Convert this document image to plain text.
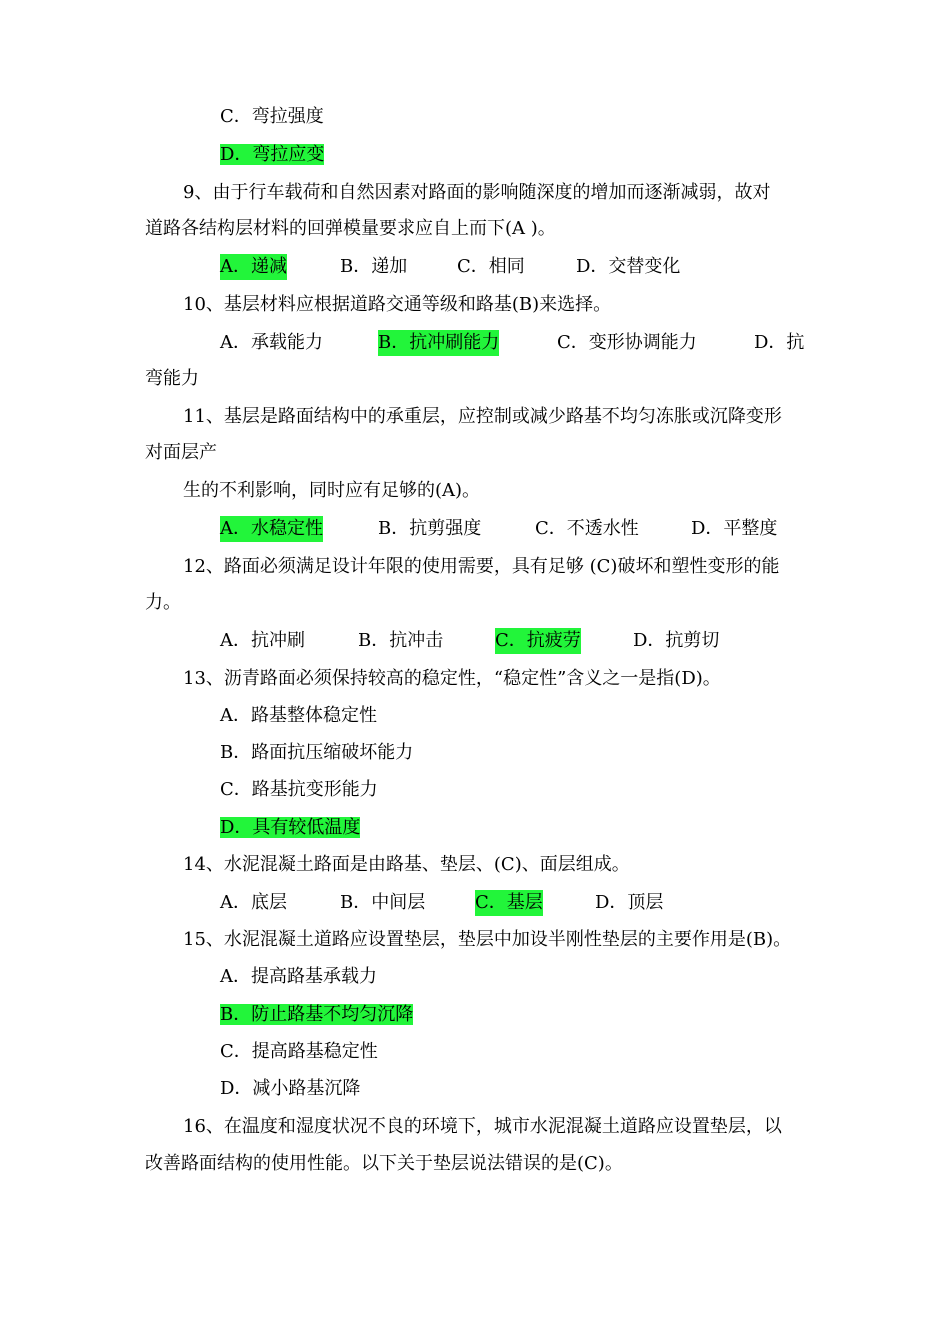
C．弯拉强度
D．弯拉应变
9、由于行车载荷和自然因素对路面的影响随深度的增加而逐渐减弱，故对
道路各结构层材料的回弹模量要求应自上而下(A )。
A．递减	B．递加	C．相同	D．交替变化
10、基层材料应根据道路交通等级和路基(B)来选择。
A．承载能力	B．抗冲刷能力	C．变形协调能力	D．抗
弯能力
11、基层是路面结构中的承重层，应控制或减少路基不均匀冻胀或沉降变形
对面层产
生的不利影响，同时应有足够的(A)。
A．水稳定性	B．抗剪强度	C．不透水性	D．平整度
12、路面必须满足设计年限的使用需要，具有足够 (C)破坏和塑性变形的能
力。
A．抗冲刷	B．抗冲击	C．抗疲劳	D．抗剪切
13、沥青路面必须保持较高的稳定性，“稳定性”含义之一是指(D)。
A．路基整体稳定性
B．路面抗压缩破坏能力
C．路基抗变形能力
D．具有较低温度
14、水泥混凝土路面是由路基、垫层、(C)、面层组成。
A．底层	B．中间层	C．基层	D．顶层
15、水泥混凝土道路应设置垫层，垫层中加设半刚性垫层的主要作用是(B)。
A．提高路基承载力
B．防止路基不均匀沉降
C．提高路基稳定性
D．减小路基沉降
16、在温度和湿度状况不良的环境下，城市水泥混凝土道路应设置垫层，以
改善路面结构的使用性能。以下关于垫层说法错误的是(C)。
